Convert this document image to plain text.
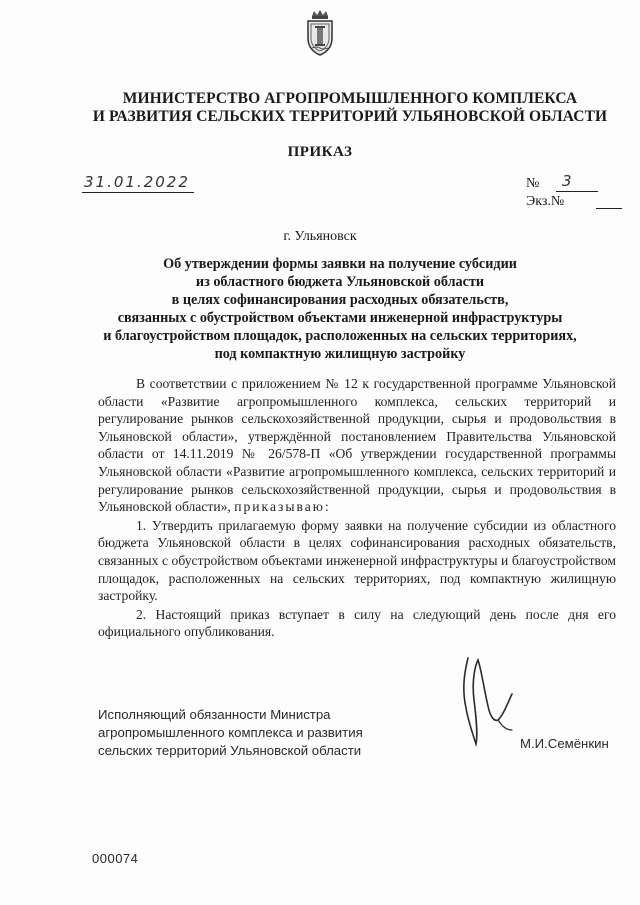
МИНИСТЕРСТВО АГРОПРОМЫШЛЕННОГО КОМПЛЕКСА
И РАЗВИТИЯ СЕЛЬСКИХ ТЕРРИТОРИЙ УЛЬЯНОВСКОЙ ОБЛАСТИ
ПРИКАЗ
31.01.2022	№ 3
Экз.№
г. Ульяновск
Об утверждении формы заявки на получение субсидии
из областного бюджета Ульяновской области
в целях софинансирования расходных обязательств,
связанных с обустройством объектами инженерной инфраструктуры
и благоустройством площадок, расположенных на сельских территориях,
под компактную жилищную застройку

В соответствии с приложением № 12 к государственной программе Ульяновской области «Развитие агропромышленного комплекса, сельских территорий и регулирование рынков сельскохозяйственной продукции, сырья и продовольствия в Ульяновской области», утверждённой постановлением Правительства Ульяновской области от 14.11.2019 № 26/578-П «Об утверждении государственной программы Ульяновской области «Развитие агропромышленного комплекса, сельских территорий и регулирование рынков сельскохозяйственной продукции, сырья и продовольствия в Ульяновской области», приказываю:

1. Утвердить прилагаемую форму заявки на получение субсидии из областного бюджета Ульяновской области в целях софинансирования расходных обязательств, связанных с обустройством объектами инженерной инфраструктуры и благоустройством площадок, расположенных на сельских территориях, под компактную жилищную застройку.

2. Настоящий приказ вступает в силу на следующий день после дня его официального опубликования.

Исполняющий обязанности Министра
агропромышленного комплекса и развития
сельских территорий Ульяновской области	М.И.Семёнкин
000074
